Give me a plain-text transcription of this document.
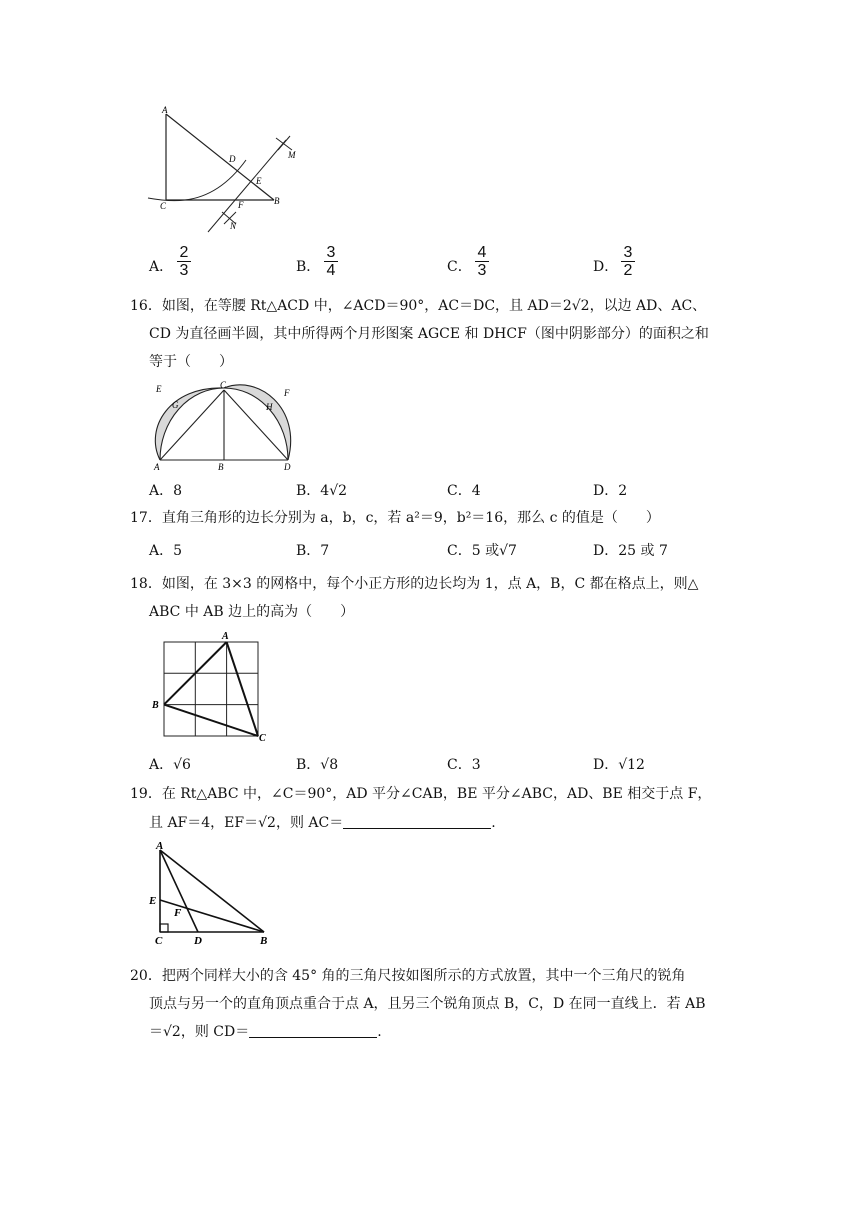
A
D	M
E
C	B
F
N
A． $\frac{2}{3}$	B． $\frac{3}{4}$	C． $\frac{4}{3}$	D． $\frac{3}{2}$
16．如图，在等腰 Rt△ACD 中，∠ACD＝90°，AC＝DC，且 AD＝2√2，以边 AD、AC、
CD 为直径画半圆，其中所得两个月形图案 AGCE 和 DHCF（图中阴影部分）的面积之和
等于（　　）
E
G
C
H
F
A	B	D
A．8	B．4√2	C．4	D．2
17．直角三角形的边长分别为 a，b，c，若 a²＝9，b²＝16，那么 c 的值是（　　）
A．5	B．7	C．5 或√7	D．25 或 7
18．如图，在 3×3 的网格中，每个小正方形的边长均为 1，点 A，B，C 都在格点上，则△
ABC 中 AB 边上的高为（　　）
A
B
C
A．√6	B．√8	C．3	D．√12
19．在 Rt△ABC 中，∠C＝90°，AD 平分∠CAB，BE 平分∠ABC，AD、BE 相交于点 F，
且 AF＝4，EF＝√2，则 AC＝	.
A
E
F
C	D	B
20．把两个同样大小的含 45° 角的三角尺按如图所示的方式放置，其中一个三角尺的锐角
顶点与另一个的直角顶点重合于点 A，且另三个锐角顶点 B，C，D 在同一直线上．若 AB
＝√2，则 CD＝	.
